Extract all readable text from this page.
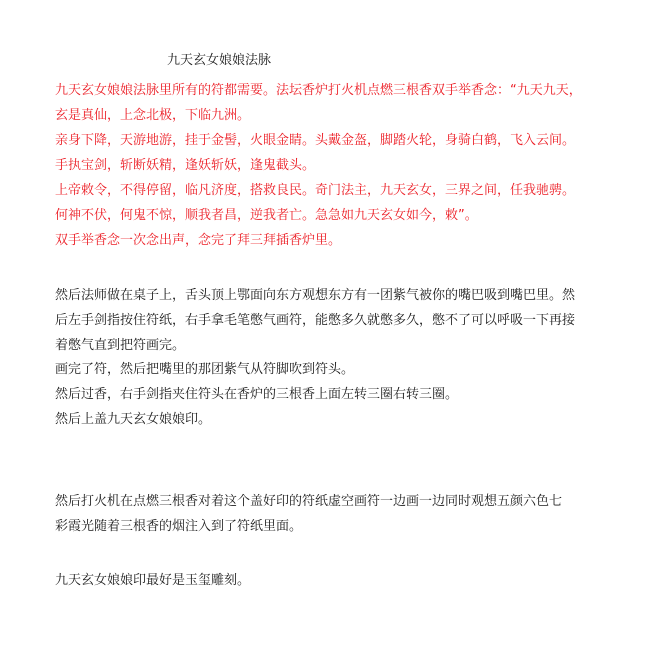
九天玄女娘娘法脉
九天玄女娘娘法脉里所有的符都需要。法坛香炉打火机点燃三根香双手举香念：“九天九天，
玄是真仙，上念北极，下临九洲。
亲身下降，天游地游，挂于金髻，火眼金睛。头戴金盔，脚踏火轮，身骑白鹤，飞入云间。
手执宝剑，斩断妖精，逢妖斩妖，逢鬼截头。
上帝敕令，不得停留，临凡济度，搭救良民。奇门法主，九天玄女，三界之间，任我驰骋。
何神不伏，何鬼不惊，顺我者昌，逆我者亡。急急如九天玄女如今，敕”。
双手举香念一次念出声，念完了拜三拜插香炉里。
然后法师做在桌子上，舌头顶上鄂面向东方观想东方有一团紫气被你的嘴巴吸到嘴巴里。然
后左手剑指按住符纸，右手拿毛笔憋气画符，能憋多久就憋多久，憋不了可以呼吸一下再接
着憋气直到把符画完。
画完了符，然后把嘴里的那团紫气从符脚吹到符头。
然后过香，右手剑指夹住符头在香炉的三根香上面左转三圈右转三圈。
然后上盖九天玄女娘娘印。
然后打火机在点燃三根香对着这个盖好印的符纸虚空画符一边画一边同时观想五颜六色七
彩霞光随着三根香的烟注入到了符纸里面。
九天玄女娘娘印最好是玉玺雕刻。
